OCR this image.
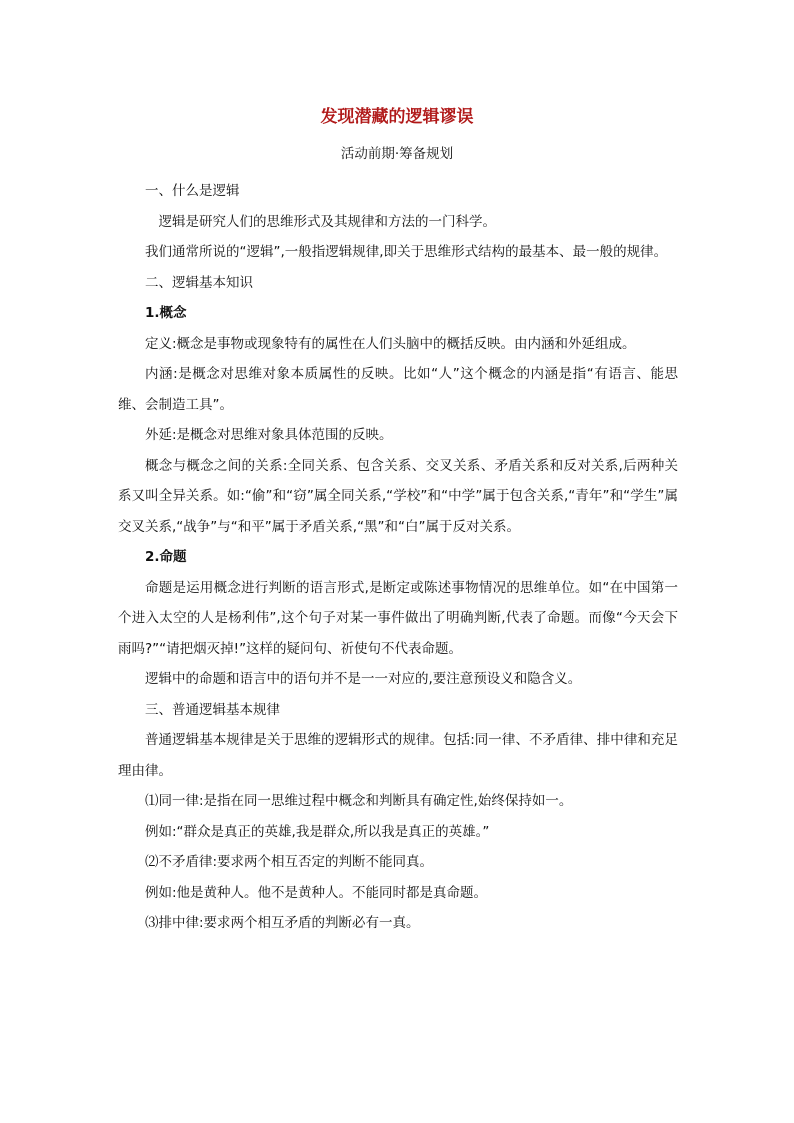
发现潜藏的逻辑谬误
活动前期·筹备规划

一、什么是逻辑

逻辑是研究人们的思维形式及其规律和方法的一门科学。

我们通常所说的“逻辑”,一般指逻辑规律,即关于思维形式结构的最基本、最一般的规律。

二、逻辑基本知识

1.概念

定义:概念是事物或现象特有的属性在人们头脑中的概括反映。由内涵和外延组成。

内涵:是概念对思维对象本质属性的反映。比如“人”这个概念的内涵是指“有语言、能思维、会制造工具”。

外延:是概念对思维对象具体范围的反映。

概念与概念之间的关系:全同关系、包含关系、交叉关系、矛盾关系和反对关系,后两种关系又叫全异关系。如:“偷”和“窃”属全同关系,“学校”和“中学”属于包含关系,“青年”和“学生”属交叉关系,“战争”与“和平”属于矛盾关系,“黑”和“白”属于反对关系。

2.命题

命题是运用概念进行判断的语言形式,是断定或陈述事物情况的思维单位。如“在中国第一个进入太空的人是杨利伟”,这个句子对某一事件做出了明确判断,代表了命题。而像“今天会下雨吗?”“请把烟灭掉!”这样的疑问句、祈使句不代表命题。

逻辑中的命题和语言中的语句并不是一一对应的,要注意预设义和隐含义。

三、普通逻辑基本规律

普通逻辑基本规律是关于思维的逻辑形式的规律。包括:同一律、不矛盾律、排中律和充足理由律。

⑴同一律:是指在同一思维过程中概念和判断具有确定性,始终保持如一。

例如:“群众是真正的英雄,我是群众,所以我是真正的英雄。”

⑵不矛盾律:要求两个相互否定的判断不能同真。

例如:他是黄种人。他不是黄种人。不能同时都是真命题。

⑶排中律:要求两个相互矛盾的判断必有一真。
